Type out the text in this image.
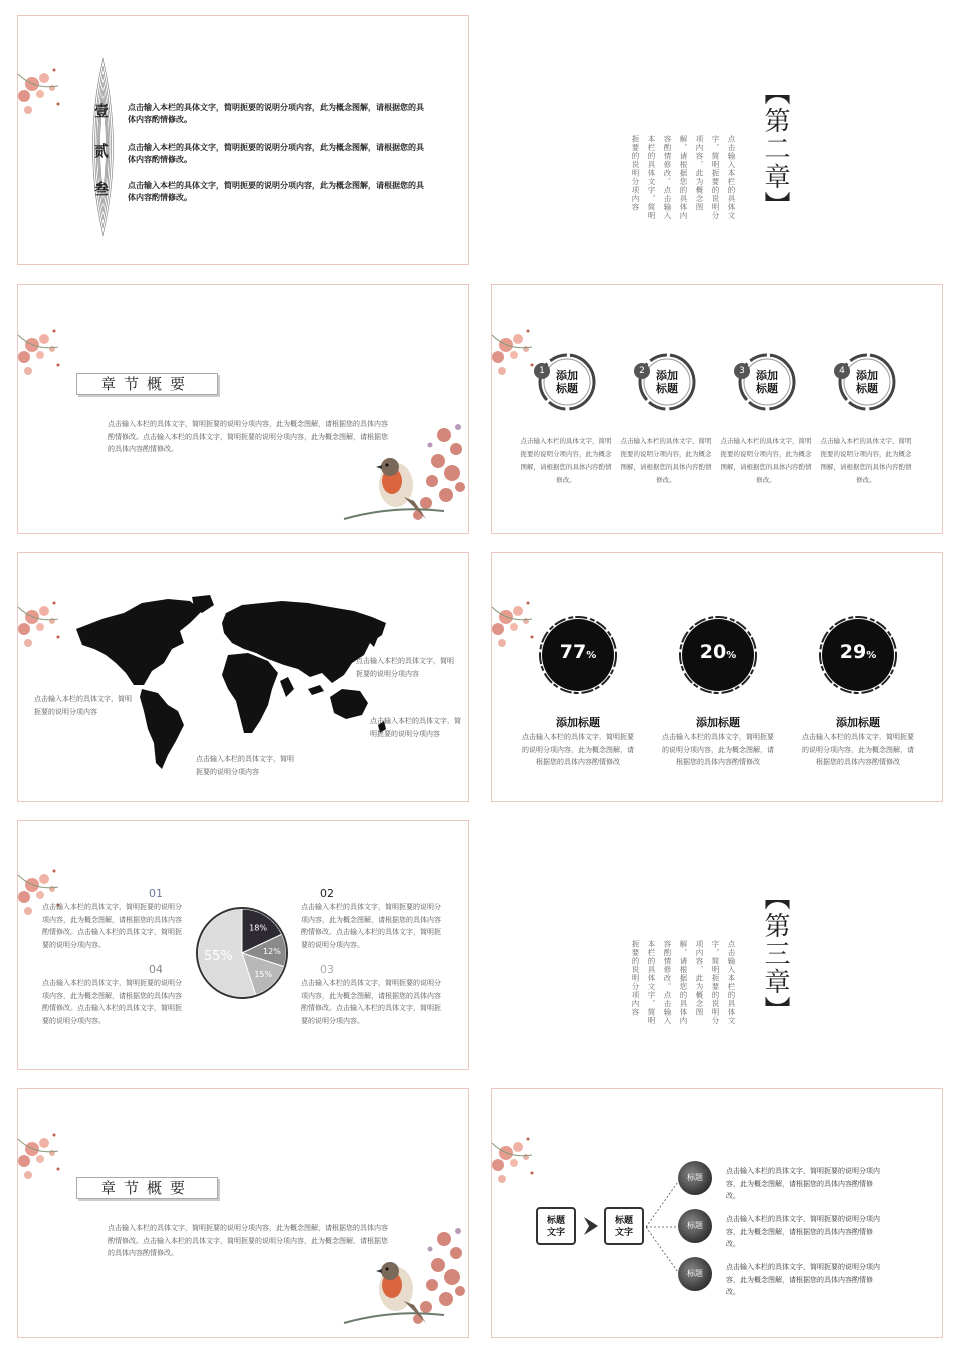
壹
贰
叁
点击输入本栏的具体文字，简明扼要的说明分项内容，此为概念图解，请根据您的具体内容酌情修改。
点击输入本栏的具体文字，简明扼要的说明分项内容，此为概念图解，请根据您的具体内容酌情修改。
点击输入本栏的具体文字，简明扼要的说明分项内容，此为概念图解，请根据您的具体内容酌情修改。	【第二章】
点击输入本栏的具体文
字，简明扼要的说明分
项内容，此为概念图
解，请根据您的具体内
容酌情修改。点击输入
本栏的具体文字，简明
扼要的说明分项内容
章节概要
点击输入本栏的具体文字，简明扼要的说明分项内容，此为概念图解，请根据您的具体内容酌情修改。点击输入本栏的具体文字，简明扼要的说明分项内容，此为概念图解，请根据您的具体内容酌情修改。
1	添加
标题
点击输入本栏的具体文字，简明扼要的说明分项内容，此为概念图解，请根据您的具体内容酌情修改。
2	添加
标题
点击输入本栏的具体文字，简明扼要的说明分项内容，此为概念图解，请根据您的具体内容酌情修改。
3	添加
标题
点击输入本栏的具体文字，简明扼要的说明分项内容，此为概念图解，请根据您的具体内容酌情修改。
4	添加
标题
点击输入本栏的具体文字，简明扼要的说明分项内容，此为概念图解，请根据您的具体内容酌情修改。
点击输入本栏的具体文字，简明扼要的说明分项内容
点击输入本栏的具体文字，简明扼要的说明分项内容
点击输入本栏的具体文字，简明扼要的说明分项内容
点击输入本栏的具体文字，简明扼要的说明分项内容
77%
添加标题
点击输入本栏的具体文字，简明扼要的说明分项内容，此为概念图解，请根据您的具体内容酌情修改
20%
添加标题
点击输入本栏的具体文字，简明扼要的说明分项内容，此为概念图解，请根据您的具体内容酌情修改
29%
添加标题
点击输入本栏的具体文字，简明扼要的说明分项内容，此为概念图解，请根据您的具体内容酌情修改
01
点击输入本栏的具体文字，简明扼要的说明分项内容，此为概念图解，请根据您的具体内容酌情修改。点击输入本栏的具体文字，简明扼要的说明分项内容。
02
点击输入本栏的具体文字，简明扼要的说明分项内容，此为概念图解，请根据您的具体内容酌情修改。点击输入本栏的具体文字，简明扼要的说明分项内容。
04
点击输入本栏的具体文字，简明扼要的说明分项内容，此为概念图解，请根据您的具体内容酌情修改。点击输入本栏的具体文字，简明扼要的说明分项内容。
03
点击输入本栏的具体文字，简明扼要的说明分项内容，此为概念图解，请根据您的具体内容酌情修改。点击输入本栏的具体文字，简明扼要的说明分项内容。
18%
12%
15%
55%	【第三章】
点击输入本栏的具体文
字，简明扼要的说明分
项内容，此为概念图
解，请根据您的具体内
容酌情修改。点击输入
本栏的具体文字，简明
扼要的说明分项内容
章节概要
点击输入本栏的具体文字，简明扼要的说明分项内容，此为概念图解，请根据您的具体内容酌情修改。点击输入本栏的具体文字，简明扼要的说明分项内容，此为概念图解，请根据您的具体内容酌情修改。
标题
文字
标题
文字
标题
点击输入本栏的具体文字，简明扼要的说明分项内容，此为概念图解，请根据您的具体内容酌情修改。
标题
点击输入本栏的具体文字，简明扼要的说明分项内容，此为概念图解，请根据您的具体内容酌情修改。
标题
点击输入本栏的具体文字，简明扼要的说明分项内容，此为概念图解，请根据您的具体内容酌情修改。
